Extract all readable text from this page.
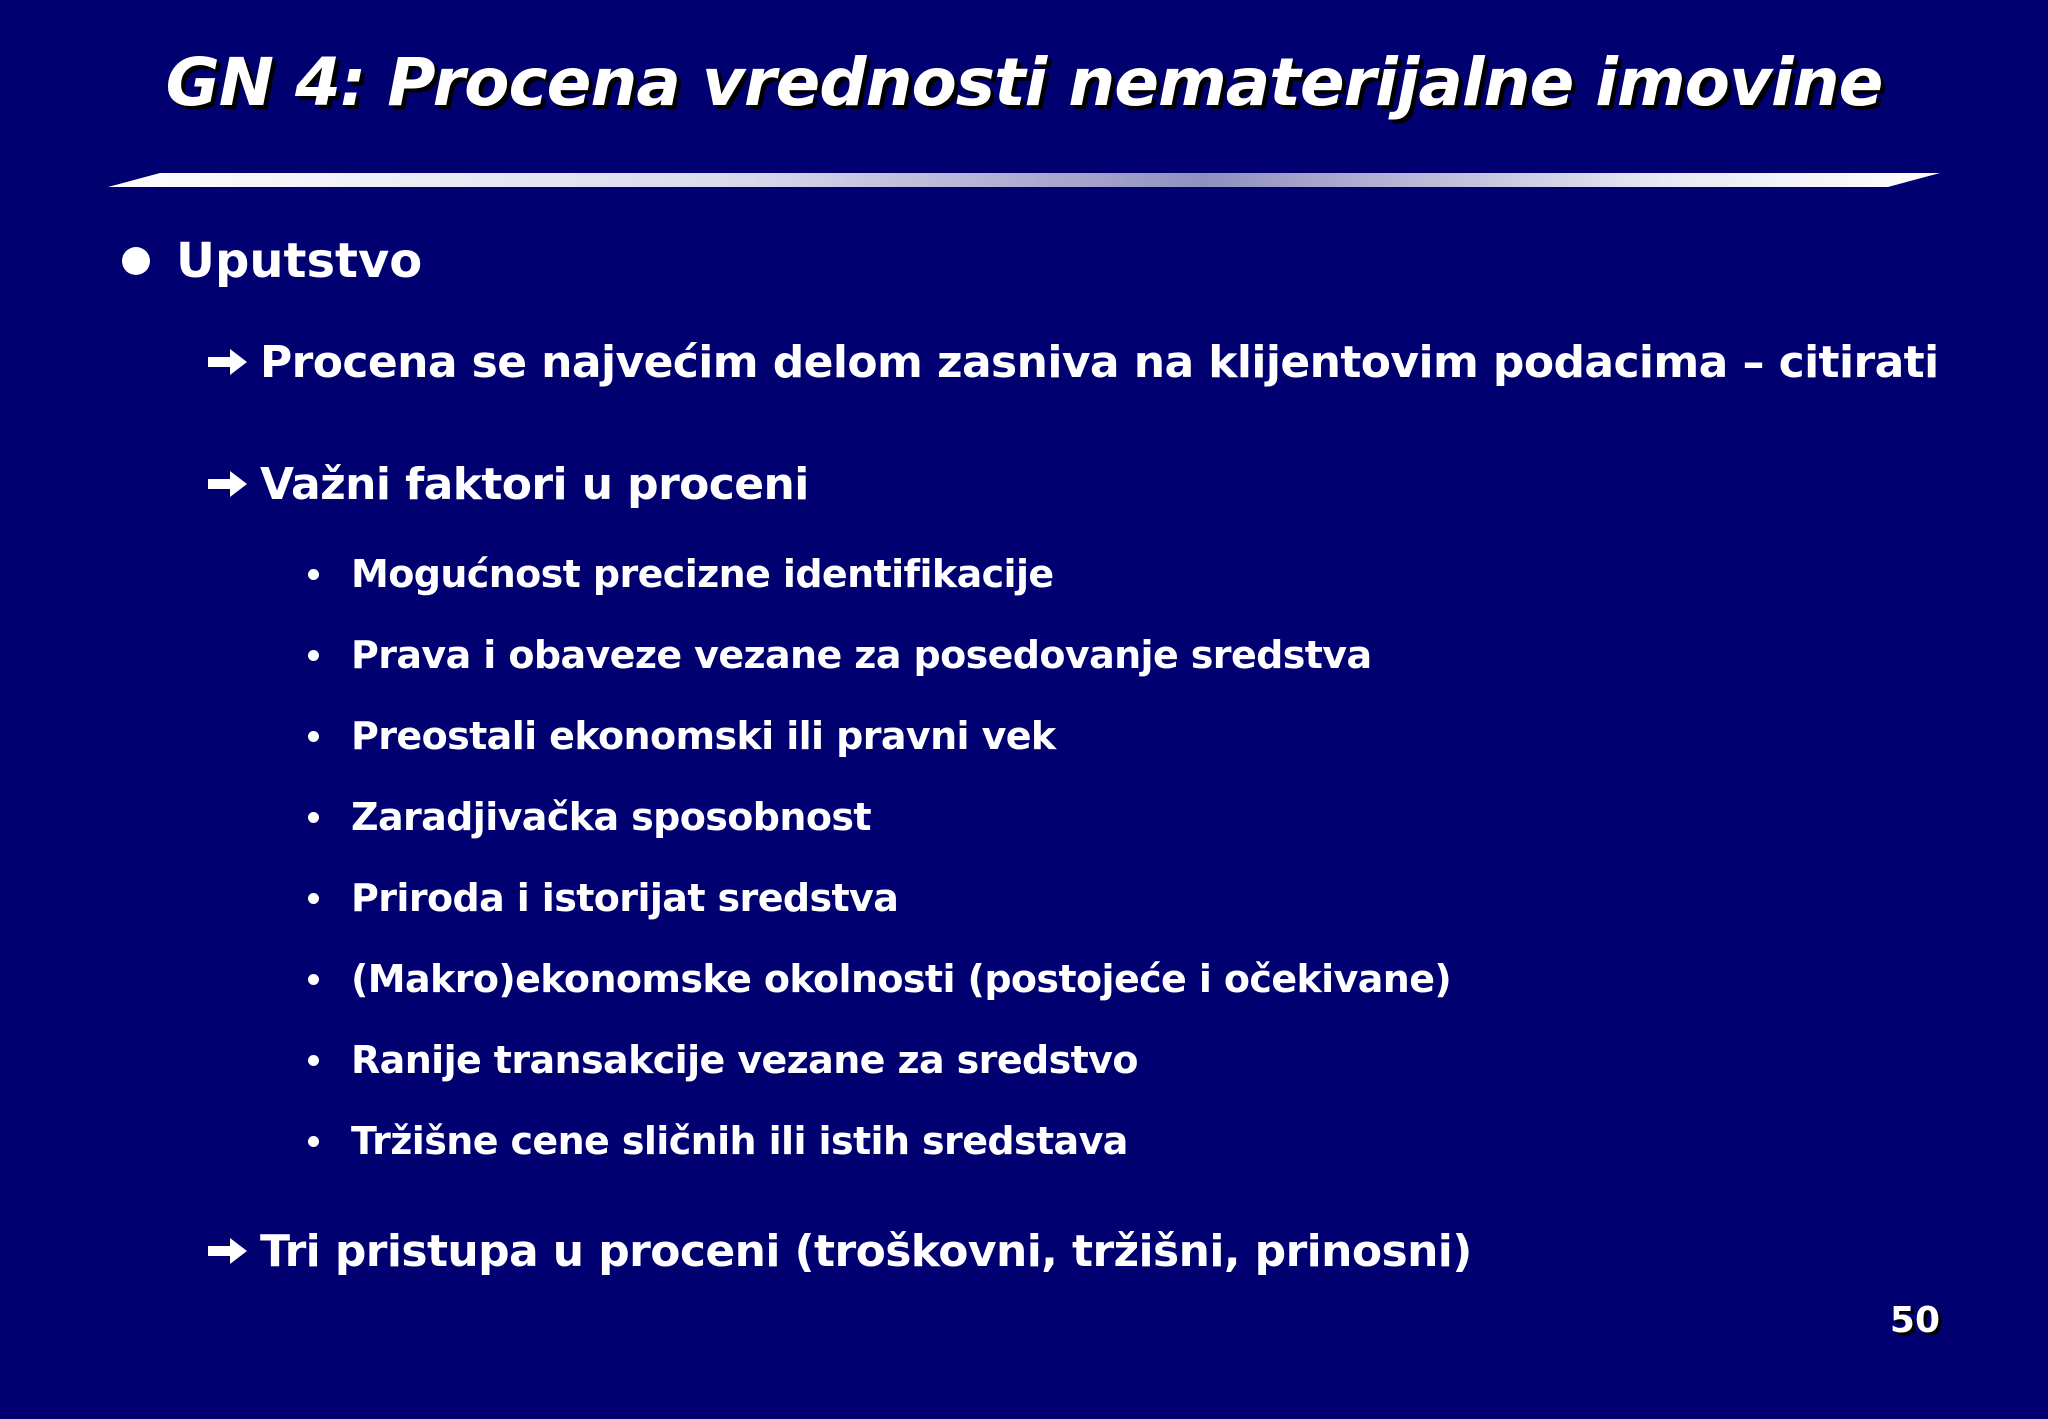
GN 4: Procena vrednosti nematerijalne imovine
Uputstvo
Procena se najvećim delom zasniva na klijentovim podacima – citirati
Važni faktori u proceni
Mogućnost precizne identifikacije
Prava i obaveze vezane za posedovanje sredstva
Preostali ekonomski ili pravni vek
Zaradjivačka sposobnost
Priroda i istorijat sredstva
(Makro)ekonomske okolnosti (postojeće i očekivane)
Ranije transakcije vezane za sredstvo
Tržišne cene sličnih ili istih sredstava
Tri pristupa u proceni (troškovni, tržišni, prinosni)
50
